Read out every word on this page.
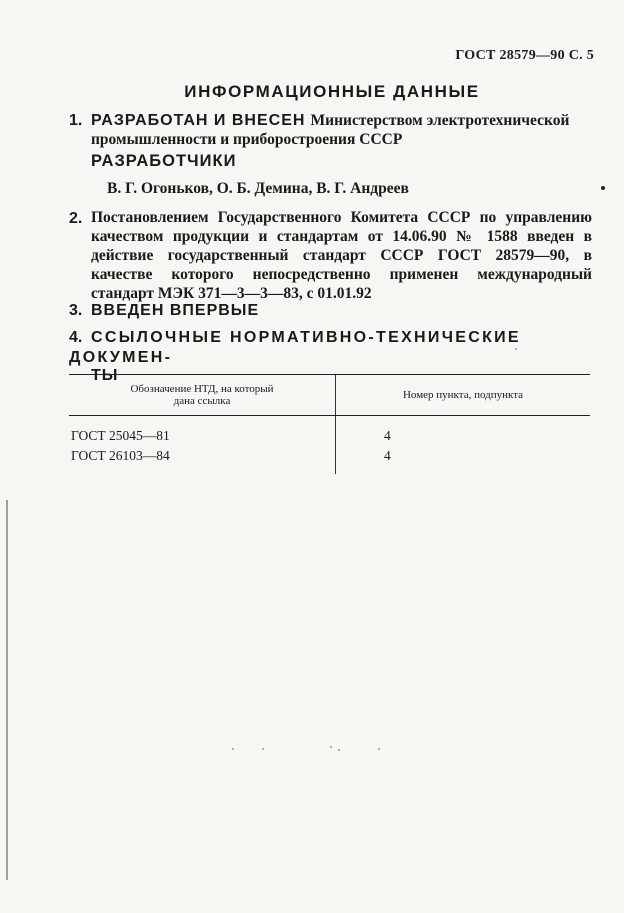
ГОСТ 28579—90 С. 5
ИНФОРМАЦИОННЫЕ ДАННЫЕ
1. РАЗРАБОТАН И ВНЕСЕН Министерством электротехнической
промышленности и приборостроения СССР
РАЗРАБОТЧИКИ
В. Г. Огоньков, О. Б. Демина, В. Г. Андреев
2. Постановлением Государственного Комитета СССР по управлению качеством продукции и стандартам от 14.06.90 № 1588 введен в действие государственный стандарт СССР ГОСТ 28579—90, в качестве которого непосредственно применен международный стандарт МЭК 371—3—3—83, с 01.01.92
3. ВВЕДЕН ВПЕРВЫЕ
4. ССЫЛОЧНЫЕ НОРМАТИВНО-ТЕХНИЧЕСКИЕ ДОКУМЕН-
ТЫ
Обозначение НТД, на который
дана ссылка	Номер пункта, подпункта
ГОСТ 25045—81	4
ГОСТ 26103—84	4
